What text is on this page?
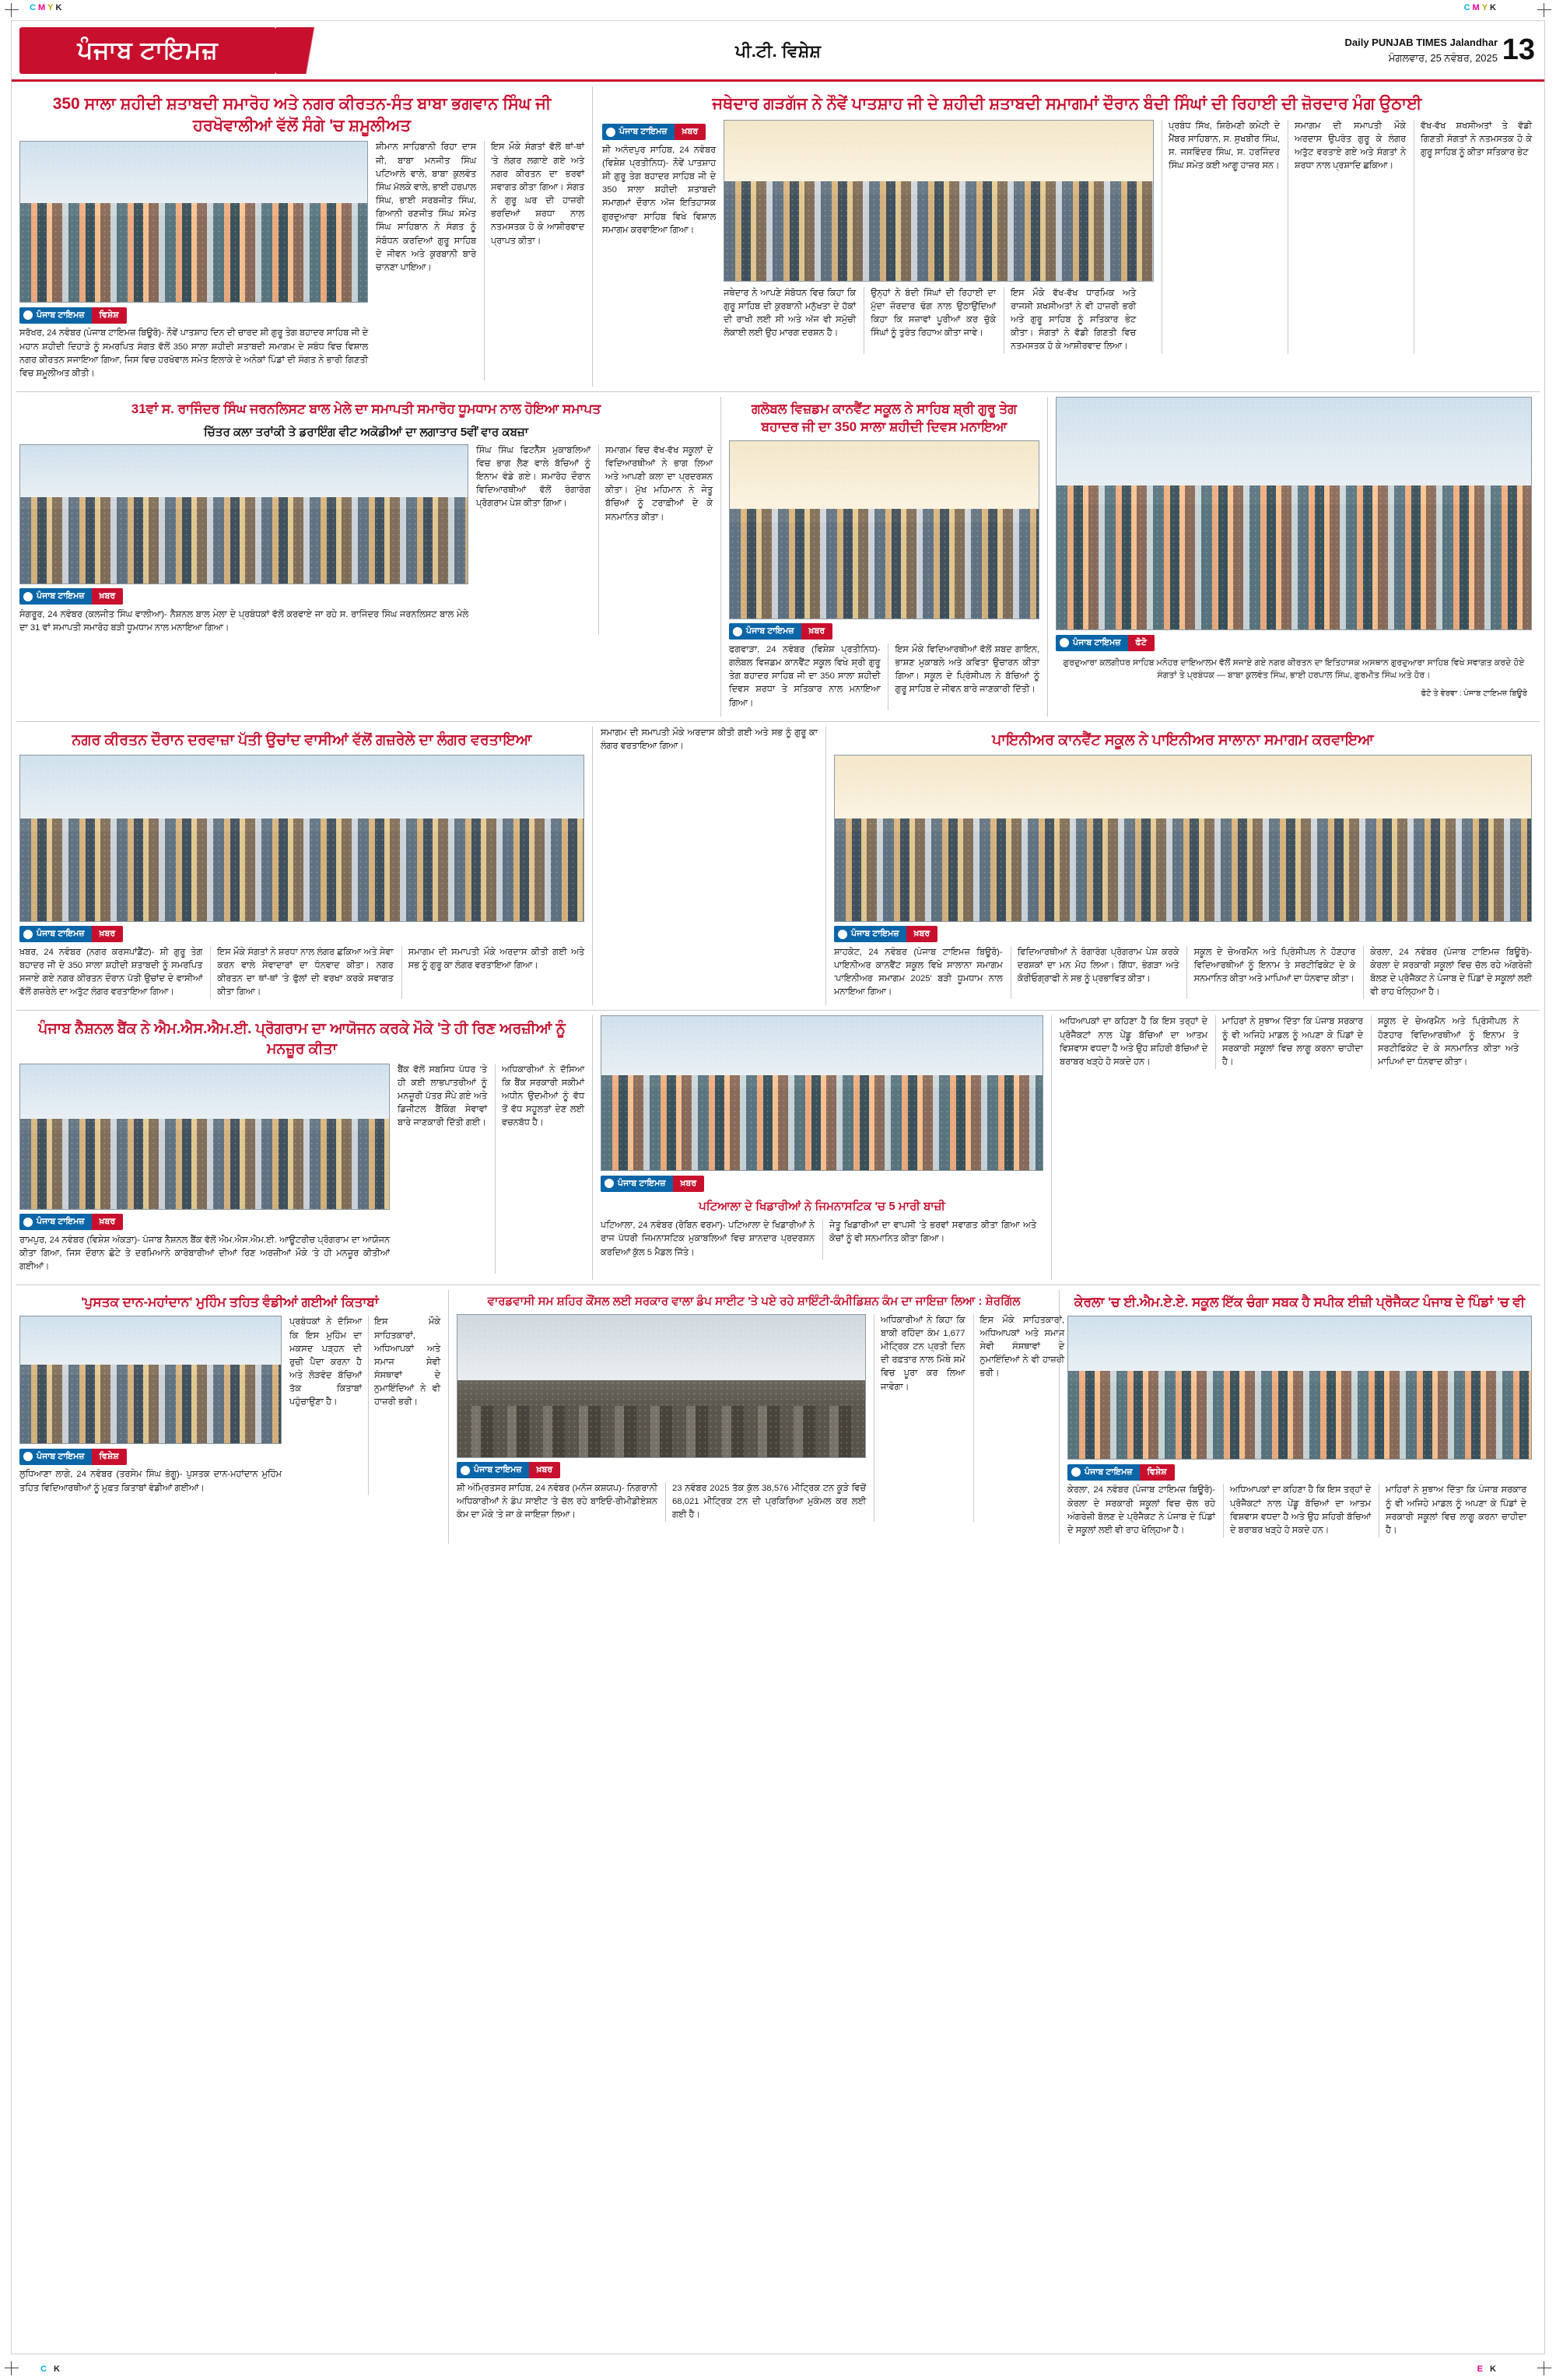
CMYK	CMYK
C K	E K
ਪੰਜਾਬ ਟਾਇਮਜ਼	ਪੀ.ਟੀ. ਵਿਸ਼ੇਸ਼	Daily PUNJAB TIMES Jalandhar
ਮੰਗਲਵਾਰ, 25 ਨਵੰਬਰ, 2025 13
350 ਸਾਲਾ ਸ਼ਹੀਦੀ ਸ਼ਤਾਬਦੀ ਸਮਾਰੋਹ ਅਤੇ ਨਗਰ ਕੀਰਤਨ-ਸੰਤ ਬਾਬਾ ਭਗਵਾਨ ਸਿੰਘ ਜੀ ਹਰਖੋਵਾਲੀਆਂ ਵੱਲੋਂ ਸੰਗੇ 'ਚ ਸ਼ਮੂਲੀਅਤ
ਪੰਜਾਬ ਟਾਇਮਜ਼	ਵਿਸ਼ੇਸ਼
ਸਰੱਖਰ, 24 ਨਵੰਬਰ (ਪੰਜਾਬ ਟਾਇਮਜ਼ ਬਿਊਰੋ)- ਨੌਵੇਂ ਪਾਤਸ਼ਾਹ ਦਿਨ ਦੀ ਚਾਰਦ ਸ਼ੀ ਗੁਰੂ ਤੇਗ ਬਹਾਦਰ ਸਾਹਿਬ ਜੀ ਦੇ ਮਹਾਨ ਸ਼ਹੀਦੀ ਦਿਹਾੜੇ ਨੂੰ ਸਮਰਪਿਤ ਸੰਗਤ ਵੱਲੋਂ 350 ਸਾਲਾ ਸ਼ਹੀਦੀ ਸ਼ਤਾਬਦੀ ਸਮਾਗਮ ਦੇ ਸਬੰਧ ਵਿਚ ਵਿਸ਼ਾਲ ਨਗਰ ਕੀਰਤਨ ਸਜਾਇਆ ਗਿਆ, ਜਿਸ ਵਿਚ ਹਰਖੋਵਾਲ ਸਮੇਤ ਇਲਾਕੇ ਦੇ ਅਨੇਕਾਂ ਪਿੰਡਾਂ ਦੀ ਸੰਗਤ ਨੇ ਭਾਰੀ ਗਿਣਤੀ ਵਿਚ ਸ਼ਮੂਲੀਅਤ ਕੀਤੀ।
ਸ਼ੀਮਾਨ ਸਾਹਿਬਾਨੀ ਰਿਹਾ ਦਾਸ ਜੀ, ਬਾਬਾ ਮਨਜੀਤ ਸਿੰਘ ਪਟਿਆਲੇ ਵਾਲੇ, ਬਾਬਾ ਕੁਲਵੰਤ ਸਿੰਘ ਮੱਲਕੇ ਵਾਲੇ, ਭਾਈ ਹਰਪਾਲ ਸਿੰਘ, ਭਾਈ ਸਰਬਜੀਤ ਸਿੰਘ, ਗਿਆਨੀ ਰਣਜੀਤ ਸਿੰਘ ਸਮੇਤ ਸਿੰਘ ਸਾਹਿਬਾਨ ਨੇ ਸੰਗਤ ਨੂੰ ਸੰਬੋਧਨ ਕਰਦਿਆਂ ਗੁਰੂ ਸਾਹਿਬ ਦੇ ਜੀਵਨ ਅਤੇ ਕੁਰਬਾਨੀ ਬਾਰੇ ਚਾਨਣਾ ਪਾਇਆ।
ਇਸ ਮੌਕੇ ਸੰਗਤਾਂ ਵੱਲੋਂ ਥਾਂ-ਥਾਂ 'ਤੇ ਲੰਗਰ ਲਗਾਏ ਗਏ ਅਤੇ ਨਗਰ ਕੀਰਤਨ ਦਾ ਭਰਵਾਂ ਸਵਾਗਤ ਕੀਤਾ ਗਿਆ। ਸੰਗਤ ਨੇ ਗੁਰੂ ਘਰ ਦੀ ਹਾਜ਼ਰੀ ਭਰਦਿਆਂ ਸ਼ਰਧਾ ਨਾਲ ਨਤਮਸਤਕ ਹੋ ਕੇ ਆਸ਼ੀਰਵਾਦ ਪ੍ਰਾਪਤ ਕੀਤਾ।
ਜਥੇਦਾਰ ਗੜਗੱਜ ਨੇ ਨੌਵੇਂ ਪਾਤਸ਼ਾਹ ਜੀ ਦੇ ਸ਼ਹੀਦੀ ਸ਼ਤਾਬਦੀ ਸਮਾਗਮਾਂ ਦੌਰਾਨ ਬੰਦੀ ਸਿੰਘਾਂ ਦੀ ਰਿਹਾਈ ਦੀ ਜ਼ੋਰਦਾਰ ਮੰਗ ਉਠਾਈ
ਪੰਜਾਬ ਟਾਇਮਜ਼	ਖ਼ਬਰ
ਸ਼ੀ ਅਨੰਦਪੁਰ ਸਾਹਿਬ, 24 ਨਵੰਬਰ (ਵਿਸ਼ੇਸ਼ ਪ੍ਰਤੀਨਿਧ)- ਨੌਵੇਂ ਪਾਤਸ਼ਾਹ ਸ਼ੀ ਗੁਰੂ ਤੇਗ ਬਹਾਦਰ ਸਾਹਿਬ ਜੀ ਦੇ 350 ਸਾਲਾ ਸ਼ਹੀਦੀ ਸ਼ਤਾਬਦੀ ਸਮਾਗਮਾਂ ਦੌਰਾਨ ਅੱਜ ਇਤਿਹਾਸਕ ਗੁਰਦੁਆਰਾ ਸਾਹਿਬ ਵਿਖੇ ਵਿਸ਼ਾਲ ਸਮਾਗਮ ਕਰਵਾਇਆ ਗਿਆ।
ਜਥੇਦਾਰ ਨੇ ਆਪਣੇ ਸੰਬੋਧਨ ਵਿਚ ਕਿਹਾ ਕਿ ਗੁਰੂ ਸਾਹਿਬ ਦੀ ਕੁਰਬਾਨੀ ਮਨੁੱਖਤਾ ਦੇ ਹੱਕਾਂ ਦੀ ਰਾਖੀ ਲਈ ਸੀ ਅਤੇ ਅੱਜ ਵੀ ਸਮੁੱਚੀ ਲੋਕਾਈ ਲਈ ਉਹ ਮਾਰਗ ਦਰਸ਼ਨ ਹੈ।
ਉਨ੍ਹਾਂ ਨੇ ਬੰਦੀ ਸਿੰਘਾਂ ਦੀ ਰਿਹਾਈ ਦਾ ਮੁੱਦਾ ਜ਼ੋਰਦਾਰ ਢੰਗ ਨਾਲ ਉਠਾਉਂਦਿਆਂ ਕਿਹਾ ਕਿ ਸਜ਼ਾਵਾਂ ਪੂਰੀਆਂ ਕਰ ਚੁੱਕੇ ਸਿੰਘਾਂ ਨੂੰ ਤੁਰੰਤ ਰਿਹਾਅ ਕੀਤਾ ਜਾਵੇ।
ਇਸ ਮੌਕੇ ਵੱਖ-ਵੱਖ ਧਾਰਮਿਕ ਅਤੇ ਰਾਜਸੀ ਸ਼ਖਸੀਅਤਾਂ ਨੇ ਵੀ ਹਾਜ਼ਰੀ ਭਰੀ ਅਤੇ ਗੁਰੂ ਸਾਹਿਬ ਨੂੰ ਸਤਿਕਾਰ ਭੇਟ ਕੀਤਾ। ਸੰਗਤਾਂ ਨੇ ਵੱਡੀ ਗਿਣਤੀ ਵਿਚ ਨਤਮਸਤਕ ਹੋ ਕੇ ਆਸ਼ੀਰਵਾਦ ਲਿਆ।
ਪ੍ਰਬੰਧ ਸਿੱਖ, ਸ਼ਿਰੋਮਣੀ ਕਮੇਟੀ ਦੇ ਮੈਂਬਰ ਸਾਹਿਬਾਨ, ਸ. ਸੁਖਬੀਰ ਸਿੰਘ, ਸ. ਜਸਵਿੰਦਰ ਸਿੰਘ, ਸ. ਹਰਜਿੰਦਰ ਸਿੰਘ ਸਮੇਤ ਕਈ ਆਗੂ ਹਾਜ਼ਰ ਸਨ।
ਸਮਾਗਮ ਦੀ ਸਮਾਪਤੀ ਮੌਕੇ ਅਰਦਾਸ ਉਪਰੰਤ ਗੁਰੂ ਕੇ ਲੰਗਰ ਅਤੁੱਟ ਵਰਤਾਏ ਗਏ ਅਤੇ ਸੰਗਤਾਂ ਨੇ ਸ਼ਰਧਾ ਨਾਲ ਪ੍ਰਸ਼ਾਦਿ ਛਕਿਆ।
ਵੱਖ-ਵੱਖ ਸ਼ਖਸੀਅਤਾਂ ਤੇ ਵੱਡੀ ਗਿਣਤੀ ਸੰਗਤਾਂ ਨੇ ਨਤਮਸਤਕ ਹੋ ਕੇ ਗੁਰੂ ਸਾਹਿਬ ਨੂੰ ਕੀਤਾ ਸਤਿਕਾਰ ਭੇਟ
31ਵਾਂ ਸ. ਰਾਜਿੰਦਰ ਸਿੰਘ ਜਰਨਲਿਸਟ ਬਾਲ ਮੇਲੇ ਦਾ ਸਮਾਪਤੀ ਸਮਾਰੋਹ ਧੂਮਧਾਮ ਨਾਲ ਹੋਇਆ ਸਮਾਪਤ
ਚਿੱਤਰ ਕਲਾ ਤਰਾਂਕੀ ਤੇ ਡਰਾਇੰਗ ਵੀਟ ਅਕੋਡੀਆਂ ਦਾ ਲਗਾਤਾਰ 5ਵੀਂ ਵਾਰ ਕਬਜ਼ਾ
ਪੰਜਾਬ ਟਾਇਮਜ਼	ਖ਼ਬਰ
ਸੰਗਰੂਰ, 24 ਨਵੰਬਰ (ਕਲਜੀਤ ਸਿੰਘ ਵਾਲੀਆ)- ਨੈਸ਼ਨਲ ਬਾਲ ਮੇਲਾ ਦੇ ਪ੍ਰਬੰਧਕਾਂ ਵੱਲੋਂ ਕਰਵਾਏ ਜਾ ਰਹੇ ਸ. ਰਾਜਿੰਦਰ ਸਿੰਘ ਜਰਨਲਿਸਟ ਬਾਲ ਮੇਲੇ ਦਾ 31 ਵਾਂ ਸਮਾਪਤੀ ਸਮਾਰੋਹ ਬੜੀ ਧੂਮਧਾਮ ਨਾਲ ਮਨਾਇਆ ਗਿਆ।
ਸਿੰਘ ਸਿੰਘ ਫਿਟਨੈੱਸ ਮੁਕਾਬਲਿਆਂ ਵਿਚ ਭਾਗ ਲੈਣ ਵਾਲੇ ਬੱਚਿਆਂ ਨੂੰ ਇਨਾਮ ਵੰਡੇ ਗਏ। ਸਮਾਰੋਹ ਦੌਰਾਨ ਵਿਦਿਆਰਥੀਆਂ ਵੱਲੋਂ ਰੰਗਾਰੰਗ ਪ੍ਰੋਗਰਾਮ ਪੇਸ਼ ਕੀਤਾ ਗਿਆ।
ਸਮਾਗਮ ਵਿਚ ਵੱਖ-ਵੱਖ ਸਕੂਲਾਂ ਦੇ ਵਿਦਿਆਰਥੀਆਂ ਨੇ ਭਾਗ ਲਿਆ ਅਤੇ ਆਪਣੀ ਕਲਾ ਦਾ ਪ੍ਰਦਰਸ਼ਨ ਕੀਤਾ। ਮੁੱਖ ਮਹਿਮਾਨ ਨੇ ਜੇਤੂ ਬੱਚਿਆਂ ਨੂੰ ਟਰਾਫ਼ੀਆਂ ਦੇ ਕੇ ਸਨਮਾਨਿਤ ਕੀਤਾ।
ਗਲੋਬਲ ਵਿਜ਼ਡਮ ਕਾਨਵੈਂਟ ਸਕੂਲ ਨੇ ਸਾਹਿਬ ਸ਼੍ਰੀ ਗੁਰੂ ਤੇਗ ਬਹਾਦਰ ਜੀ ਦਾ 350 ਸਾਲਾ ਸ਼ਹੀਦੀ ਦਿਵਸ ਮਨਾਇਆ
ਪੰਜਾਬ ਟਾਇਮਜ਼	ਖ਼ਬਰ
ਫਗਵਾੜਾ, 24 ਨਵੰਬਰ (ਵਿਸ਼ੇਸ਼ ਪ੍ਰਤੀਨਿਧ)- ਗਲੋਬਲ ਵਿਜ਼ਡਮ ਕਾਨਵੈਂਟ ਸਕੂਲ ਵਿਖੇ ਸ਼੍ਰੀ ਗੁਰੂ ਤੇਗ ਬਹਾਦਰ ਸਾਹਿਬ ਜੀ ਦਾ 350 ਸਾਲਾ ਸ਼ਹੀਦੀ ਦਿਵਸ ਸ਼ਰਧਾ ਤੇ ਸਤਿਕਾਰ ਨਾਲ ਮਨਾਇਆ ਗਿਆ।
ਇਸ ਮੌਕੇ ਵਿਦਿਆਰਥੀਆਂ ਵੱਲੋਂ ਸ਼ਬਦ ਗਾਇਨ, ਭਾਸ਼ਣ ਮੁਕਾਬਲੇ ਅਤੇ ਕਵਿਤਾ ਉਚਾਰਨ ਕੀਤਾ ਗਿਆ। ਸਕੂਲ ਦੇ ਪ੍ਰਿੰਸੀਪਲ ਨੇ ਬੱਚਿਆਂ ਨੂੰ ਗੁਰੂ ਸਾਹਿਬ ਦੇ ਜੀਵਨ ਬਾਰੇ ਜਾਣਕਾਰੀ ਦਿੱਤੀ।
ਪੰਜਾਬ ਟਾਇਮਜ਼	ਫੋਟੋ
ਗੁਰਦੁਆਰਾ ਕਲਗੀਧਰ ਸਾਹਿਬ ਮਨੋਹਰ ਦਾਇਆਲਮ ਵੱਲੋਂ ਸਜਾਏ ਗਏ ਨਗਰ ਕੀਰਤਨ ਦਾ ਇਤਿਹਾਸਕ ਅਸਥਾਨ ਗੁਰਦੁਆਰਾ ਸਾਹਿਬ ਵਿਖੇ ਸਵਾਗਤ ਕਰਦੇ ਹੋਏ ਸੰਗਤਾਂ ਤੇ ਪ੍ਰਬੰਧਕ — ਬਾਬਾ ਕੁਲਵੰਤ ਸਿੰਘ, ਭਾਈ ਹਰਪਾਲ ਸਿੰਘ, ਗੁਰਮੀਤ ਸਿੰਘ ਅਤੇ ਹੋਰ।
ਫੋਟੋ ਤੇ ਵੇਰਵਾ : ਪੰਜਾਬ ਟਾਇਮਜ਼ ਬਿਊਰੋ
ਨਗਰ ਕੀਰਤਨ ਦੌਰਾਨ ਦਰਵਾਜ਼ਾ ਪੱਤੀ ਉਚਾਂਦ ਵਾਸੀਆਂ ਵੱਲੋਂ ਗਜ਼ਰੇਲੇ ਦਾ ਲੰਗਰ ਵਰਤਾਇਆ
ਪੰਜਾਬ ਟਾਇਮਜ਼	ਖ਼ਬਰ
ਖ਼ਬਰ, 24 ਨਵੰਬਰ (ਨਗਰ ਕਰਸਪਾਂਡੈਂਟ)- ਸ਼ੀ ਗੁਰੂ ਤੇਗ ਬਹਾਦਰ ਜੀ ਦੇ 350 ਸਾਲਾ ਸ਼ਹੀਦੀ ਸ਼ਤਾਬਦੀ ਨੂੰ ਸਮਰਪਿਤ ਸਜਾਏ ਗਏ ਨਗਰ ਕੀਰਤਨ ਦੌਰਾਨ ਪੱਤੀ ਉਚਾਂਦ ਦੇ ਵਾਸੀਆਂ ਵੱਲੋਂ ਗਜ਼ਰੇਲੇ ਦਾ ਅਤੁੱਟ ਲੰਗਰ ਵਰਤਾਇਆ ਗਿਆ।
ਇਸ ਮੌਕੇ ਸੰਗਤਾਂ ਨੇ ਸ਼ਰਧਾ ਨਾਲ ਲੰਗਰ ਛਕਿਆ ਅਤੇ ਸੇਵਾ ਕਰਨ ਵਾਲੇ ਸੇਵਾਦਾਰਾਂ ਦਾ ਧੰਨਵਾਦ ਕੀਤਾ। ਨਗਰ ਕੀਰਤਨ ਦਾ ਥਾਂ-ਥਾਂ 'ਤੇ ਫੁੱਲਾਂ ਦੀ ਵਰਖਾ ਕਰਕੇ ਸਵਾਗਤ ਕੀਤਾ ਗਿਆ।
ਸਮਾਗਮ ਦੀ ਸਮਾਪਤੀ ਮੌਕੇ ਅਰਦਾਸ ਕੀਤੀ ਗਈ ਅਤੇ ਸਭ ਨੂੰ ਗੁਰੂ ਕਾ ਲੰਗਰ ਵਰਤਾਇਆ ਗਿਆ।
ਸਮਾਗਮ ਦੀ ਸਮਾਪਤੀ ਮੌਕੇ ਅਰਦਾਸ ਕੀਤੀ ਗਈ ਅਤੇ ਸਭ ਨੂੰ ਗੁਰੂ ਕਾ ਲੰਗਰ ਵਰਤਾਇਆ ਗਿਆ।	ਪਾਇਨੀਅਰ ਕਾਨਵੈਂਟ ਸਕੂਲ ਨੇ ਪਾਇਨੀਅਰ ਸਾਲਾਨਾ ਸਮਾਗਮ ਕਰਵਾਇਆ
ਪੰਜਾਬ ਟਾਇਮਜ਼	ਖ਼ਬਰ
ਸ਼ਾਹਕੋਟ, 24 ਨਵੰਬਰ (ਪੰਜਾਬ ਟਾਇਮਜ਼ ਬਿਊਰੋ)- ਪਾਇਨੀਅਰ ਕਾਨਵੈਂਟ ਸਕੂਲ ਵਿਖੇ ਸਾਲਾਨਾ ਸਮਾਗਮ 'ਪਾਇਨੀਅਰ ਸਮਾਗਮ 2025' ਬੜੀ ਧੂਮਧਾਮ ਨਾਲ ਮਨਾਇਆ ਗਿਆ।
ਵਿਦਿਆਰਥੀਆਂ ਨੇ ਰੰਗਾਰੰਗ ਪ੍ਰੋਗਰਾਮ ਪੇਸ਼ ਕਰਕੇ ਦਰਸ਼ਕਾਂ ਦਾ ਮਨ ਮੋਹ ਲਿਆ। ਗਿੱਧਾ, ਭੰਗੜਾ ਅਤੇ ਕੋਰੀਓਗ੍ਰਾਫੀ ਨੇ ਸਭ ਨੂੰ ਪ੍ਰਭਾਵਿਤ ਕੀਤਾ।
ਸਕੂਲ ਦੇ ਚੇਅਰਮੈਨ ਅਤੇ ਪ੍ਰਿੰਸੀਪਲ ਨੇ ਹੋਣਹਾਰ ਵਿਦਿਆਰਥੀਆਂ ਨੂੰ ਇਨਾਮ ਤੇ ਸਰਟੀਫਿਕੇਟ ਦੇ ਕੇ ਸਨਮਾਨਿਤ ਕੀਤਾ ਅਤੇ ਮਾਪਿਆਂ ਦਾ ਧੰਨਵਾਦ ਕੀਤਾ।
ਕੇਰਲਾ, 24 ਨਵੰਬਰ (ਪੰਜਾਬ ਟਾਇਮਜ਼ ਬਿਊਰੋ)- ਕੇਰਲਾ ਦੇ ਸਰਕਾਰੀ ਸਕੂਲਾਂ ਵਿਚ ਚੱਲ ਰਹੇ ਅੰਗਰੇਜ਼ੀ ਬੋਲਣ ਦੇ ਪ੍ਰੋਜੈਕਟ ਨੇ ਪੰਜਾਬ ਦੇ ਪਿੰਡਾਂ ਦੇ ਸਕੂਲਾਂ ਲਈ ਵੀ ਰਾਹ ਖੋਲ੍ਹਿਆ ਹੈ।
ਪੰਜਾਬ ਨੈਸ਼ਨਲ ਬੈਂਕ ਨੇ ਐਮ.ਐਸ.ਐਮ.ਈ. ਪ੍ਰੋਗਰਾਮ ਦਾ ਆਯੋਜਨ ਕਰਕੇ ਮੌਕੇ 'ਤੇ ਹੀ ਰਿਣ ਅਰਜ਼ੀਆਂ ਨੂੰ ਮਨਜ਼ੂਰ ਕੀਤਾ
ਪੰਜਾਬ ਟਾਇਮਜ਼	ਖ਼ਬਰ
ਰਾਮਪੁਰ, 24 ਨਵੰਬਰ (ਵਿਸ਼ੇਸ਼ ਅੰਕੜਾ)- ਪੰਜਾਬ ਨੈਸ਼ਨਲ ਬੈਂਕ ਵੱਲੋਂ ਐਮ.ਐਸ.ਐਮ.ਈ. ਆਊਟਰੀਚ ਪ੍ਰੋਗਰਾਮ ਦਾ ਆਯੋਜਨ ਕੀਤਾ ਗਿਆ, ਜਿਸ ਦੌਰਾਨ ਛੋਟੇ ਤੇ ਦਰਮਿਆਨੇ ਕਾਰੋਬਾਰੀਆਂ ਦੀਆਂ ਰਿਣ ਅਰਜ਼ੀਆਂ ਮੌਕੇ 'ਤੇ ਹੀ ਮਨਜ਼ੂਰ ਕੀਤੀਆਂ ਗਈਆਂ।
ਬੈਂਕ ਵੱਲੋਂ ਸਬਸਿਧ ਪੱਧਰ 'ਤੇ ਹੀ ਕਈ ਲਾਭਪਾਤਰੀਆਂ ਨੂੰ ਮਨਜ਼ੂਰੀ ਪੱਤਰ ਸੌਂਪੇ ਗਏ ਅਤੇ ਡਿਜੀਟਲ ਬੈਂਕਿੰਗ ਸੇਵਾਵਾਂ ਬਾਰੇ ਜਾਣਕਾਰੀ ਦਿੱਤੀ ਗਈ।
ਅਧਿਕਾਰੀਆਂ ਨੇ ਦੱਸਿਆ ਕਿ ਬੈਂਕ ਸਰਕਾਰੀ ਸਕੀਮਾਂ ਅਧੀਨ ਉਦਮੀਆਂ ਨੂੰ ਵੱਧ ਤੋਂ ਵੱਧ ਸਹੂਲਤਾਂ ਦੇਣ ਲਈ ਵਚਨਬੱਧ ਹੈ।
ਪੰਜਾਬ ਟਾਇਮਜ਼	ਖ਼ਬਰ
ਪਟਿਆਲਾ ਦੇ ਖਿਡਾਰੀਆਂ ਨੇ ਜਿਮਨਾਸਟਿਕ 'ਚ 5 ਮਾਰੀ ਬਾਜ਼ੀ
ਪਟਿਆਲਾ, 24 ਨਵੰਬਰ (ਰੋਬਿਨ ਵਰਮਾ)- ਪਟਿਆਲਾ ਦੇ ਖਿਡਾਰੀਆਂ ਨੇ ਰਾਜ ਪੱਧਰੀ ਜਿਮਨਾਸਟਿਕ ਮੁਕਾਬਲਿਆਂ ਵਿਚ ਸ਼ਾਨਦਾਰ ਪ੍ਰਦਰਸ਼ਨ ਕਰਦਿਆਂ ਕੁੱਲ 5 ਮੈਡਲ ਜਿੱਤੇ।
ਜੇਤੂ ਖਿਡਾਰੀਆਂ ਦਾ ਵਾਪਸੀ 'ਤੇ ਭਰਵਾਂ ਸਵਾਗਤ ਕੀਤਾ ਗਿਆ ਅਤੇ ਕੋਚਾਂ ਨੂੰ ਵੀ ਸਨਮਾਨਿਤ ਕੀਤਾ ਗਿਆ।
ਅਧਿਆਪਕਾਂ ਦਾ ਕਹਿਣਾ ਹੈ ਕਿ ਇਸ ਤਰ੍ਹਾਂ ਦੇ ਪ੍ਰੋਜੈਕਟਾਂ ਨਾਲ ਪੇਂਡੂ ਬੱਚਿਆਂ ਦਾ ਆਤਮ ਵਿਸ਼ਵਾਸ ਵਧਦਾ ਹੈ ਅਤੇ ਉਹ ਸ਼ਹਿਰੀ ਬੱਚਿਆਂ ਦੇ ਬਰਾਬਰ ਖੜ੍ਹੇ ਹੋ ਸਕਦੇ ਹਨ।
ਮਾਹਿਰਾਂ ਨੇ ਸੁਝਾਅ ਦਿੱਤਾ ਕਿ ਪੰਜਾਬ ਸਰਕਾਰ ਨੂੰ ਵੀ ਅਜਿਹੇ ਮਾਡਲ ਨੂੰ ਅਪਣਾ ਕੇ ਪਿੰਡਾਂ ਦੇ ਸਰਕਾਰੀ ਸਕੂਲਾਂ ਵਿਚ ਲਾਗੂ ਕਰਨਾ ਚਾਹੀਦਾ ਹੈ।
ਸਕੂਲ ਦੇ ਚੇਅਰਮੈਨ ਅਤੇ ਪ੍ਰਿੰਸੀਪਲ ਨੇ ਹੋਣਹਾਰ ਵਿਦਿਆਰਥੀਆਂ ਨੂੰ ਇਨਾਮ ਤੇ ਸਰਟੀਫਿਕੇਟ ਦੇ ਕੇ ਸਨਮਾਨਿਤ ਕੀਤਾ ਅਤੇ ਮਾਪਿਆਂ ਦਾ ਧੰਨਵਾਦ ਕੀਤਾ।
'ਪੁਸਤਕ ਦਾਨ-ਮਹਾਂਦਾਨ' ਮੁਹਿੰਮ ਤਹਿਤ ਵੰਡੀਆਂ ਗਈਆਂ ਕਿਤਾਬਾਂ
ਪੰਜਾਬ ਟਾਇਮਜ਼	ਵਿਸ਼ੇਸ਼
ਲੁਧਿਆਣਾ ਲਾਗੇ, 24 ਨਵੰਬਰ (ਤਰਸੇਮ ਸਿੰਘ ਭੰਗੂ)- ਪੁਸਤਕ ਦਾਨ-ਮਹਾਂਦਾਨ ਮੁਹਿੰਮ ਤਹਿਤ ਵਿਦਿਆਰਥੀਆਂ ਨੂੰ ਮੁਫ਼ਤ ਕਿਤਾਬਾਂ ਵੰਡੀਆਂ ਗਈਆਂ।
ਪ੍ਰਬੰਧਕਾਂ ਨੇ ਦੱਸਿਆ ਕਿ ਇਸ ਮੁਹਿੰਮ ਦਾ ਮਕਸਦ ਪੜ੍ਹਨ ਦੀ ਰੁਚੀ ਪੈਦਾ ਕਰਨਾ ਹੈ ਅਤੇ ਲੋੜਵੰਦ ਬੱਚਿਆਂ ਤੱਕ ਕਿਤਾਬਾਂ ਪਹੁੰਚਾਉਣਾ ਹੈ।
ਇਸ ਮੌਕੇ ਸਾਹਿਤਕਾਰਾਂ, ਅਧਿਆਪਕਾਂ ਅਤੇ ਸਮਾਜ ਸੇਵੀ ਸੰਸਥਾਵਾਂ ਦੇ ਨੁਮਾਇੰਦਿਆਂ ਨੇ ਵੀ ਹਾਜ਼ਰੀ ਭਰੀ।
ਵਾਰਡਵਾਸੀ ਸਮ ਸ਼ਹਿਰ ਕੌਂਸਲ ਲਈ ਸਰਕਾਰ ਵਾਲਾ ਡੰਪ ਸਾਈਟ 'ਤੇ ਪਏ ਰਹੇ ਸ਼ਾਇੰਟੀ-ਕੰਮੀਡਿਸ਼ਨ ਕੰਮ ਦਾ ਜਾਇਜ਼ਾ ਲਿਆ : ਸ਼ੇਰਗਿੱਲ
ਪੰਜਾਬ ਟਾਇਮਜ਼	ਖ਼ਬਰ
ਸ਼ੀ ਅੰਮ੍ਰਿਤਸਰ ਸਾਹਿਬ, 24 ਨਵੰਬਰ (ਮਨੋਜ ਕਸ਼ਯਪ)- ਨਿਗਰਾਨੀ ਅਧਿਕਾਰੀਆਂ ਨੇ ਡੰਪ ਸਾਈਟ 'ਤੇ ਚੱਲ ਰਹੇ ਬਾਇਓ-ਰੀਮੀਡੀਏਸ਼ਨ ਕੰਮ ਦਾ ਮੌਕੇ 'ਤੇ ਜਾ ਕੇ ਜਾਇਜ਼ਾ ਲਿਆ।
23 ਨਵੰਬਰ 2025 ਤੱਕ ਕੁੱਲ 38,576 ਮੀਟ੍ਰਿਕ ਟਨ ਕੂੜੇ ਵਿਚੋਂ 68,021 ਮੀਟ੍ਰਿਕ ਟਨ ਦੀ ਪ੍ਰਕਿਰਿਆ ਮੁਕੰਮਲ ਕਰ ਲਈ ਗਈ ਹੈ।
ਅਧਿਕਾਰੀਆਂ ਨੇ ਕਿਹਾ ਕਿ ਬਾਕੀ ਰਹਿੰਦਾ ਕੰਮ 1,677 ਮੀਟ੍ਰਿਕ ਟਨ ਪ੍ਰਤੀ ਦਿਨ ਦੀ ਰਫ਼ਤਾਰ ਨਾਲ ਮਿੱਥੇ ਸਮੇਂ ਵਿਚ ਪੂਰਾ ਕਰ ਲਿਆ ਜਾਵੇਗਾ।
ਇਸ ਮੌਕੇ ਸਾਹਿਤਕਾਰਾਂ, ਅਧਿਆਪਕਾਂ ਅਤੇ ਸਮਾਜ ਸੇਵੀ ਸੰਸਥਾਵਾਂ ਦੇ ਨੁਮਾਇੰਦਿਆਂ ਨੇ ਵੀ ਹਾਜ਼ਰੀ ਭਰੀ।
ਕੇਰਲਾ 'ਚ ਈ.ਐਮ.ਏ.ਏ. ਸਕੂਲ ਇੱਕ ਚੰਗਾ ਸਬਕ ਹੈ ਸਪੀਕ ਈਜ਼ੀ ਪ੍ਰੋਜੈਕਟ ਪੰਜਾਬ ਦੇ ਪਿੰਡਾਂ 'ਚ ਵੀ
ਪੰਜਾਬ ਟਾਇਮਜ਼	ਵਿਸ਼ੇਸ਼
ਕੇਰਲਾ, 24 ਨਵੰਬਰ (ਪੰਜਾਬ ਟਾਇਮਜ਼ ਬਿਊਰੋ)- ਕੇਰਲਾ ਦੇ ਸਰਕਾਰੀ ਸਕੂਲਾਂ ਵਿਚ ਚੱਲ ਰਹੇ ਅੰਗਰੇਜ਼ੀ ਬੋਲਣ ਦੇ ਪ੍ਰੋਜੈਕਟ ਨੇ ਪੰਜਾਬ ਦੇ ਪਿੰਡਾਂ ਦੇ ਸਕੂਲਾਂ ਲਈ ਵੀ ਰਾਹ ਖੋਲ੍ਹਿਆ ਹੈ।
ਅਧਿਆਪਕਾਂ ਦਾ ਕਹਿਣਾ ਹੈ ਕਿ ਇਸ ਤਰ੍ਹਾਂ ਦੇ ਪ੍ਰੋਜੈਕਟਾਂ ਨਾਲ ਪੇਂਡੂ ਬੱਚਿਆਂ ਦਾ ਆਤਮ ਵਿਸ਼ਵਾਸ ਵਧਦਾ ਹੈ ਅਤੇ ਉਹ ਸ਼ਹਿਰੀ ਬੱਚਿਆਂ ਦੇ ਬਰਾਬਰ ਖੜ੍ਹੇ ਹੋ ਸਕਦੇ ਹਨ।
ਮਾਹਿਰਾਂ ਨੇ ਸੁਝਾਅ ਦਿੱਤਾ ਕਿ ਪੰਜਾਬ ਸਰਕਾਰ ਨੂੰ ਵੀ ਅਜਿਹੇ ਮਾਡਲ ਨੂੰ ਅਪਣਾ ਕੇ ਪਿੰਡਾਂ ਦੇ ਸਰਕਾਰੀ ਸਕੂਲਾਂ ਵਿਚ ਲਾਗੂ ਕਰਨਾ ਚਾਹੀਦਾ ਹੈ।
